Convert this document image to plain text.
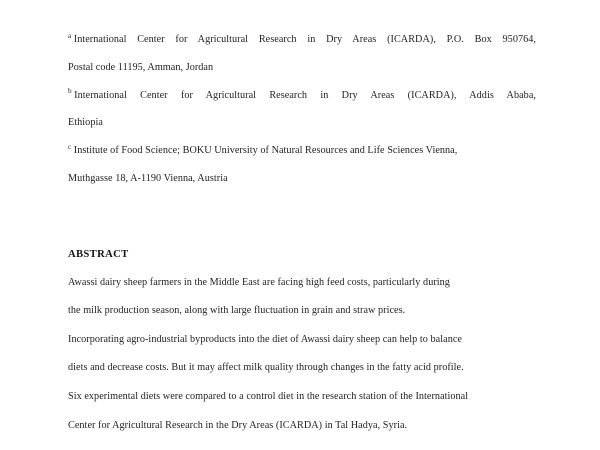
$^a$ International Center for Agricultural Research in Dry Areas (ICARDA), P.O. Box 950764,

Postal code 11195, Amman, Jordan

$^b$ International Center for Agricultural Research in Dry Areas (ICARDA), Addis Ababa,

Ethiopia

$^c$ Institute of Food Science; BOKU University of Natural Resources and Life Sciences Vienna,

Muthgasse 18, A-1190 Vienna, Austria

ABSTRACT

Awassi dairy sheep farmers in the Middle East are facing high feed costs, particularly during

the milk production season, along with large fluctuation in grain and straw prices.

Incorporating agro-industrial byproducts into the diet of Awassi dairy sheep can help to balance

diets and decrease costs. But it may affect milk quality through changes in the fatty acid profile.

Six experimental diets were compared to a control diet in the research station of the International

Center for Agricultural Research in the Dry Areas (ICARDA) in Tal Hadya, Syria.
